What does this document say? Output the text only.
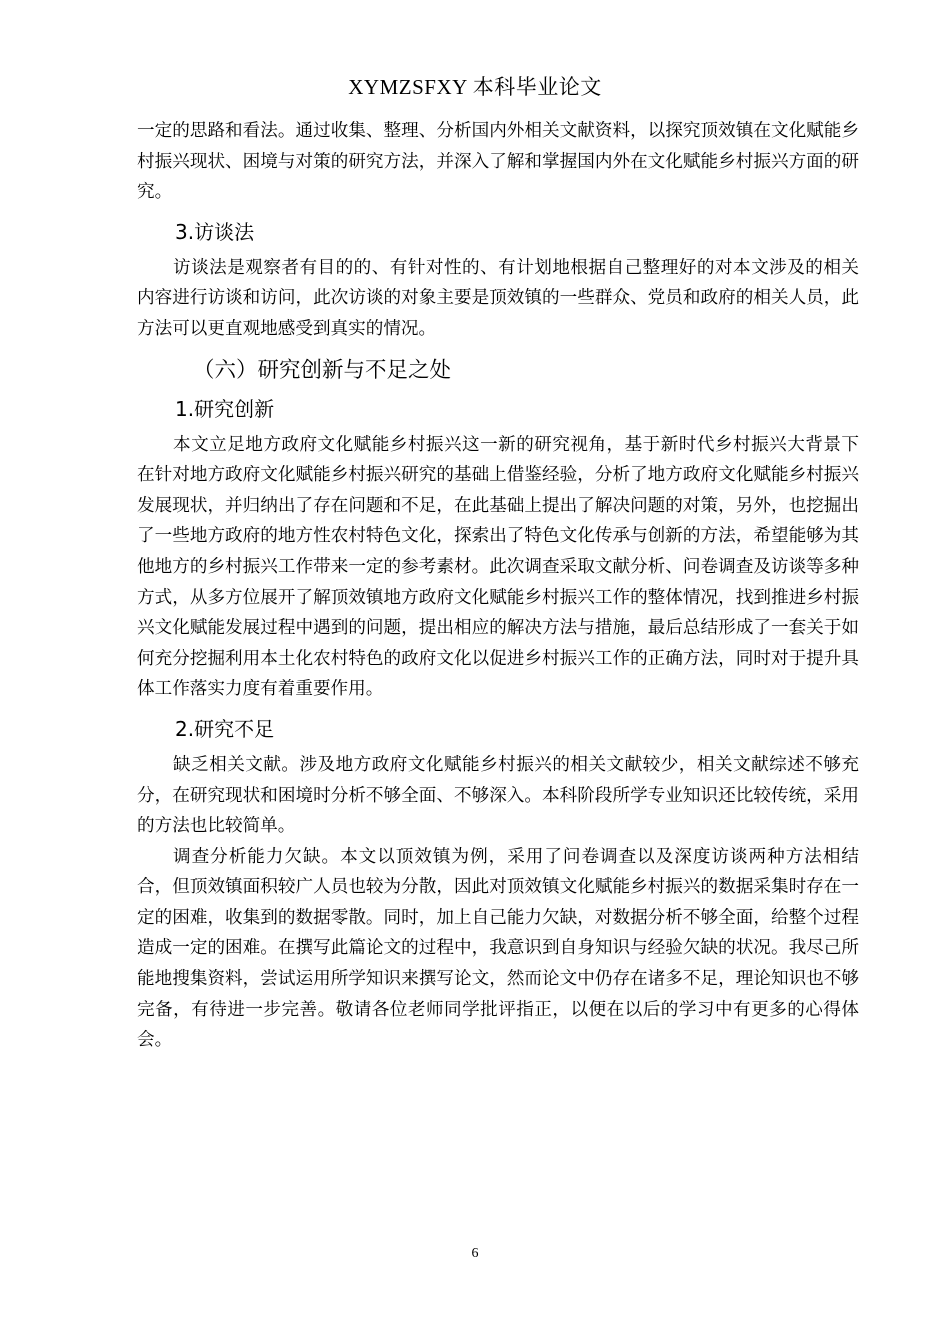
XYMZSFXY 本科毕业论文

一定的思路和看法。通过收集、整理、分析国内外相关文献资料，以探究顶效镇在文化赋能乡村振兴现状、困境与对策的研究方法，并深入了解和掌握国内外在文化赋能乡村振兴方面的研究。

3.访谈法

访谈法是观察者有目的的、有针对性的、有计划地根据自己整理好的对本文涉及的相关内容进行访谈和访问，此次访谈的对象主要是顶效镇的一些群众、党员和政府的相关人员，此方法可以更直观地感受到真实的情况。

（六）研究创新与不足之处
1.研究创新

本文立足地方政府文化赋能乡村振兴这一新的研究视角，基于新时代乡村振兴大背景下在针对地方政府文化赋能乡村振兴研究的基础上借鉴经验，分析了地方政府文化赋能乡村振兴发展现状，并归纳出了存在问题和不足，在此基础上提出了解决问题的对策，另外，也挖掘出了一些地方政府的地方性农村特色文化，探索出了特色文化传承与创新的方法，希望能够为其他地方的乡村振兴工作带来一定的参考素材。此次调查采取文献分析、问卷调查及访谈等多种方式，从多方位展开了解顶效镇地方政府文化赋能乡村振兴工作的整体情况，找到推进乡村振兴文化赋能发展过程中遇到的问题，提出相应的解决方法与措施，最后总结形成了一套关于如何充分挖掘利用本土化农村特色的政府文化以促进乡村振兴工作的正确方法，同时对于提升具体工作落实力度有着重要作用。

2.研究不足

缺乏相关文献。涉及地方政府文化赋能乡村振兴的相关文献较少，相关文献综述不够充分，在研究现状和困境时分析不够全面、不够深入。本科阶段所学专业知识还比较传统，采用的方法也比较简单。

调查分析能力欠缺。本文以顶效镇为例，采用了问卷调查以及深度访谈两种方法相结合，但顶效镇面积较广人员也较为分散，因此对顶效镇文化赋能乡村振兴的数据采集时存在一定的困难，收集到的数据零散。同时，加上自己能力欠缺，对数据分析不够全面，给整个过程造成一定的困难。在撰写此篇论文的过程中，我意识到自身知识与经验欠缺的状况。我尽己所能地搜集资料，尝试运用所学知识来撰写论文，然而论文中仍存在诸多不足，理论知识也不够完备，有待进一步完善。敬请各位老师同学批评指正，以便在以后的学习中有更多的心得体会。

6
